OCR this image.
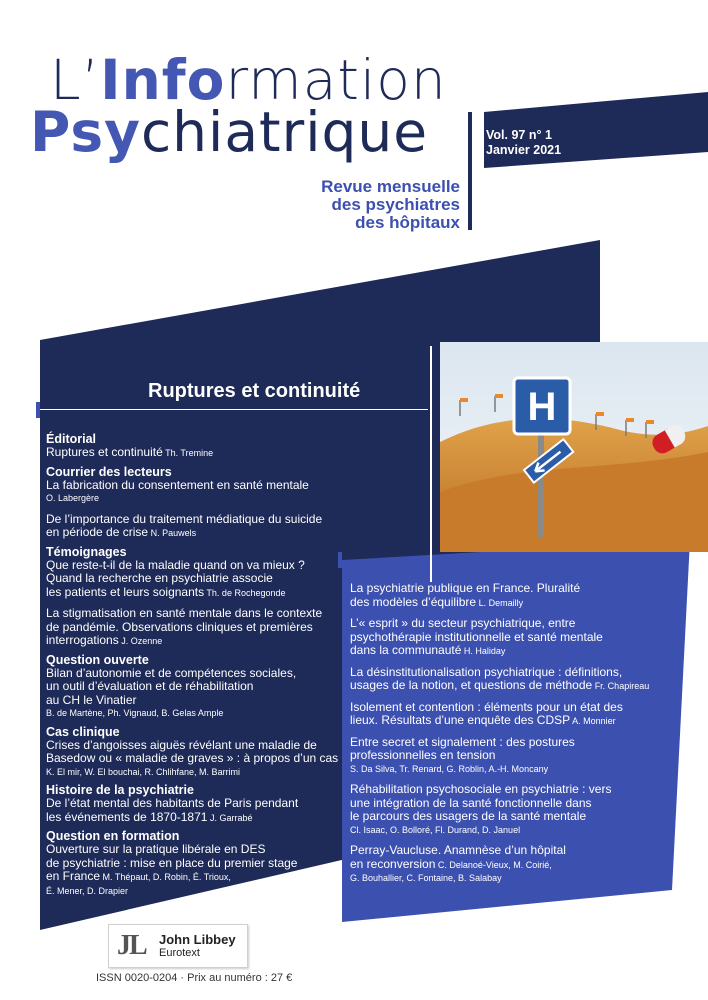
L’Information
Psychiatrique	Vol. 97 n° 1
Janvier 2021
Revue mensuelle
des psychiatres
des hôpitaux
H
Ruptures et continuité
Éditorial
Ruptures et continuité Th. Tremine
Courrier des lecteurs
La fabrication du consentement en santé mentale
O. Labergère
De l’importance du traitement médiatique du suicide
en période de crise N. Pauwels
Témoignages
Que reste-t-il de la maladie quand on va mieux ?
Quand la recherche en psychiatrie associe
les patients et leurs soignants Th. de Rochegonde
La stigmatisation en santé mentale dans le contexte
de pandémie. Observations cliniques et premières
interrogations J. Ozenne
Question ouverte
Bilan d’autonomie et de compétences sociales,
un outil d’évaluation et de réhabilitation
au CH le Vinatier
B. de Martène, Ph. Vignaud, B. Gelas Ample
Cas clinique
Crises d’angoisses aiguës révélant une maladie de
Basedow ou « maladie de graves » : à propos d’un cas
K. El mir, W. El bouchai, R. Chlihfane, M. Barrimi
Histoire de la psychiatrie
De l’état mental des habitants de Paris pendant
les événements de 1870-1871 J. Garrabé
Question en formation
Ouverture sur la pratique libérale en DES
de psychiatrie : mise en place du premier stage
en France M. Thépaut, D. Robin, É. Trioux,
É. Mener, D. Drapier
La psychiatrie publique en France. Pluralité
des modèles d’équilibre L. Demailly
L’« esprit » du secteur psychiatrique, entre
psychothérapie institutionnelle et santé mentale
dans la communauté H. Haliday
La désinstitutionalisation psychiatrique : définitions,
usages de la notion, et questions de méthode Fr. Chapireau
Isolement et contention : éléments pour un état des
lieux. Résultats d’une enquête des CDSP A. Monnier
Entre secret et signalement : des postures
professionnelles en tension
S. Da Silva, Tr. Renard, G. Roblin, A.-H. Moncany
Réhabilitation psychosociale en psychiatrie : vers
une intégration de la santé fonctionnelle dans
le parcours des usagers de la santé mentale
Cl. Isaac, O. Bolloré, Fl. Durand, D. Januel
Perray-Vaucluse. Anamnèse d’un hôpital
en reconversion C. Delanoé-Vieux, M. Coirié,
G. Bouhallier, C. Fontaine, B. Salabay
JL John Libbey
Eurotext
ISSN 0020-0204 · Prix au numéro : 27 €
